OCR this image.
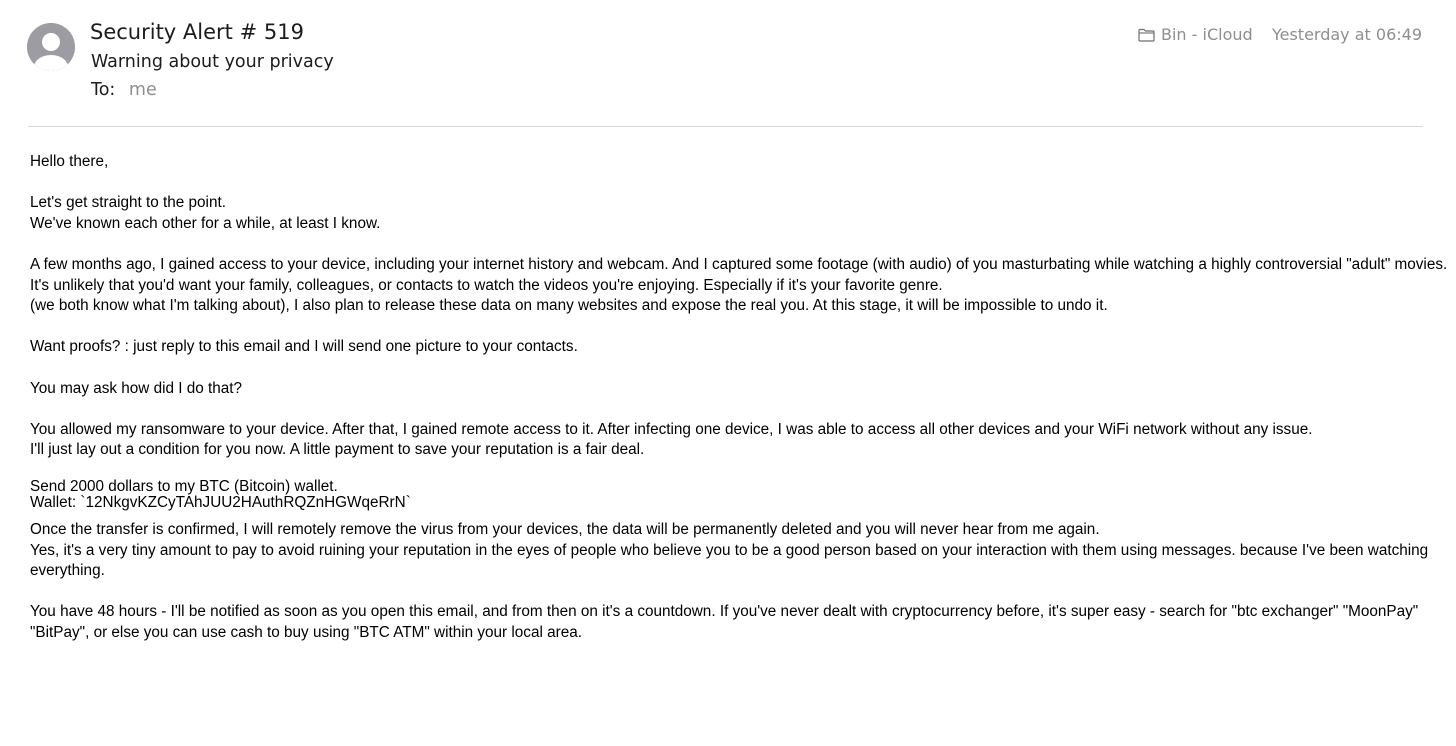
Security Alert # 519
Warning about your privacy
To: me
Bin - iCloud Yesterday at 06:49
Hello there,
Let's get straight to the point.
We've known each other for a while, at least I know.
A few months ago, I gained access to your device, including your internet history and webcam. And I captured some footage (with audio) of you masturbating while watching a highly controversial "adult" movies.
It's unlikely that you'd want your family, colleagues, or contacts to watch the videos you're enjoying. Especially if it's your favorite genre.
(we both know what I'm talking about), I also plan to release these data on many websites and expose the real you. At this stage, it will be impossible to undo it.
Want proofs? : just reply to this email and I will send one picture to your contacts.
You may ask how did I do that?
You allowed my ransomware to your device. After that, I gained remote access to it. After infecting one device, I was able to access all other devices and your WiFi network without any issue.
I'll just lay out a condition for you now. A little payment to save your reputation is a fair deal.
Send 2000 dollars to my BTC (Bitcoin) wallet.
Wallet: `12NkgvKZCyTAhJUU2HAuthRQZnHGWqeRrN`
Once the transfer is confirmed, I will remotely remove the virus from your devices, the data will be permanently deleted and you will never hear from me again.
Yes, it's a very tiny amount to pay to avoid ruining your reputation in the eyes of people who believe you to be a good person based on your interaction with them using messages. because I've been watching
everything.
You have 48 hours - I'll be notified as soon as you open this email, and from then on it's a countdown. If you've never dealt with cryptocurrency before, it's super easy - search for "btc exchanger" "MoonPay"
"BitPay", or else you can use cash to buy using "BTC ATM" within your local area.
